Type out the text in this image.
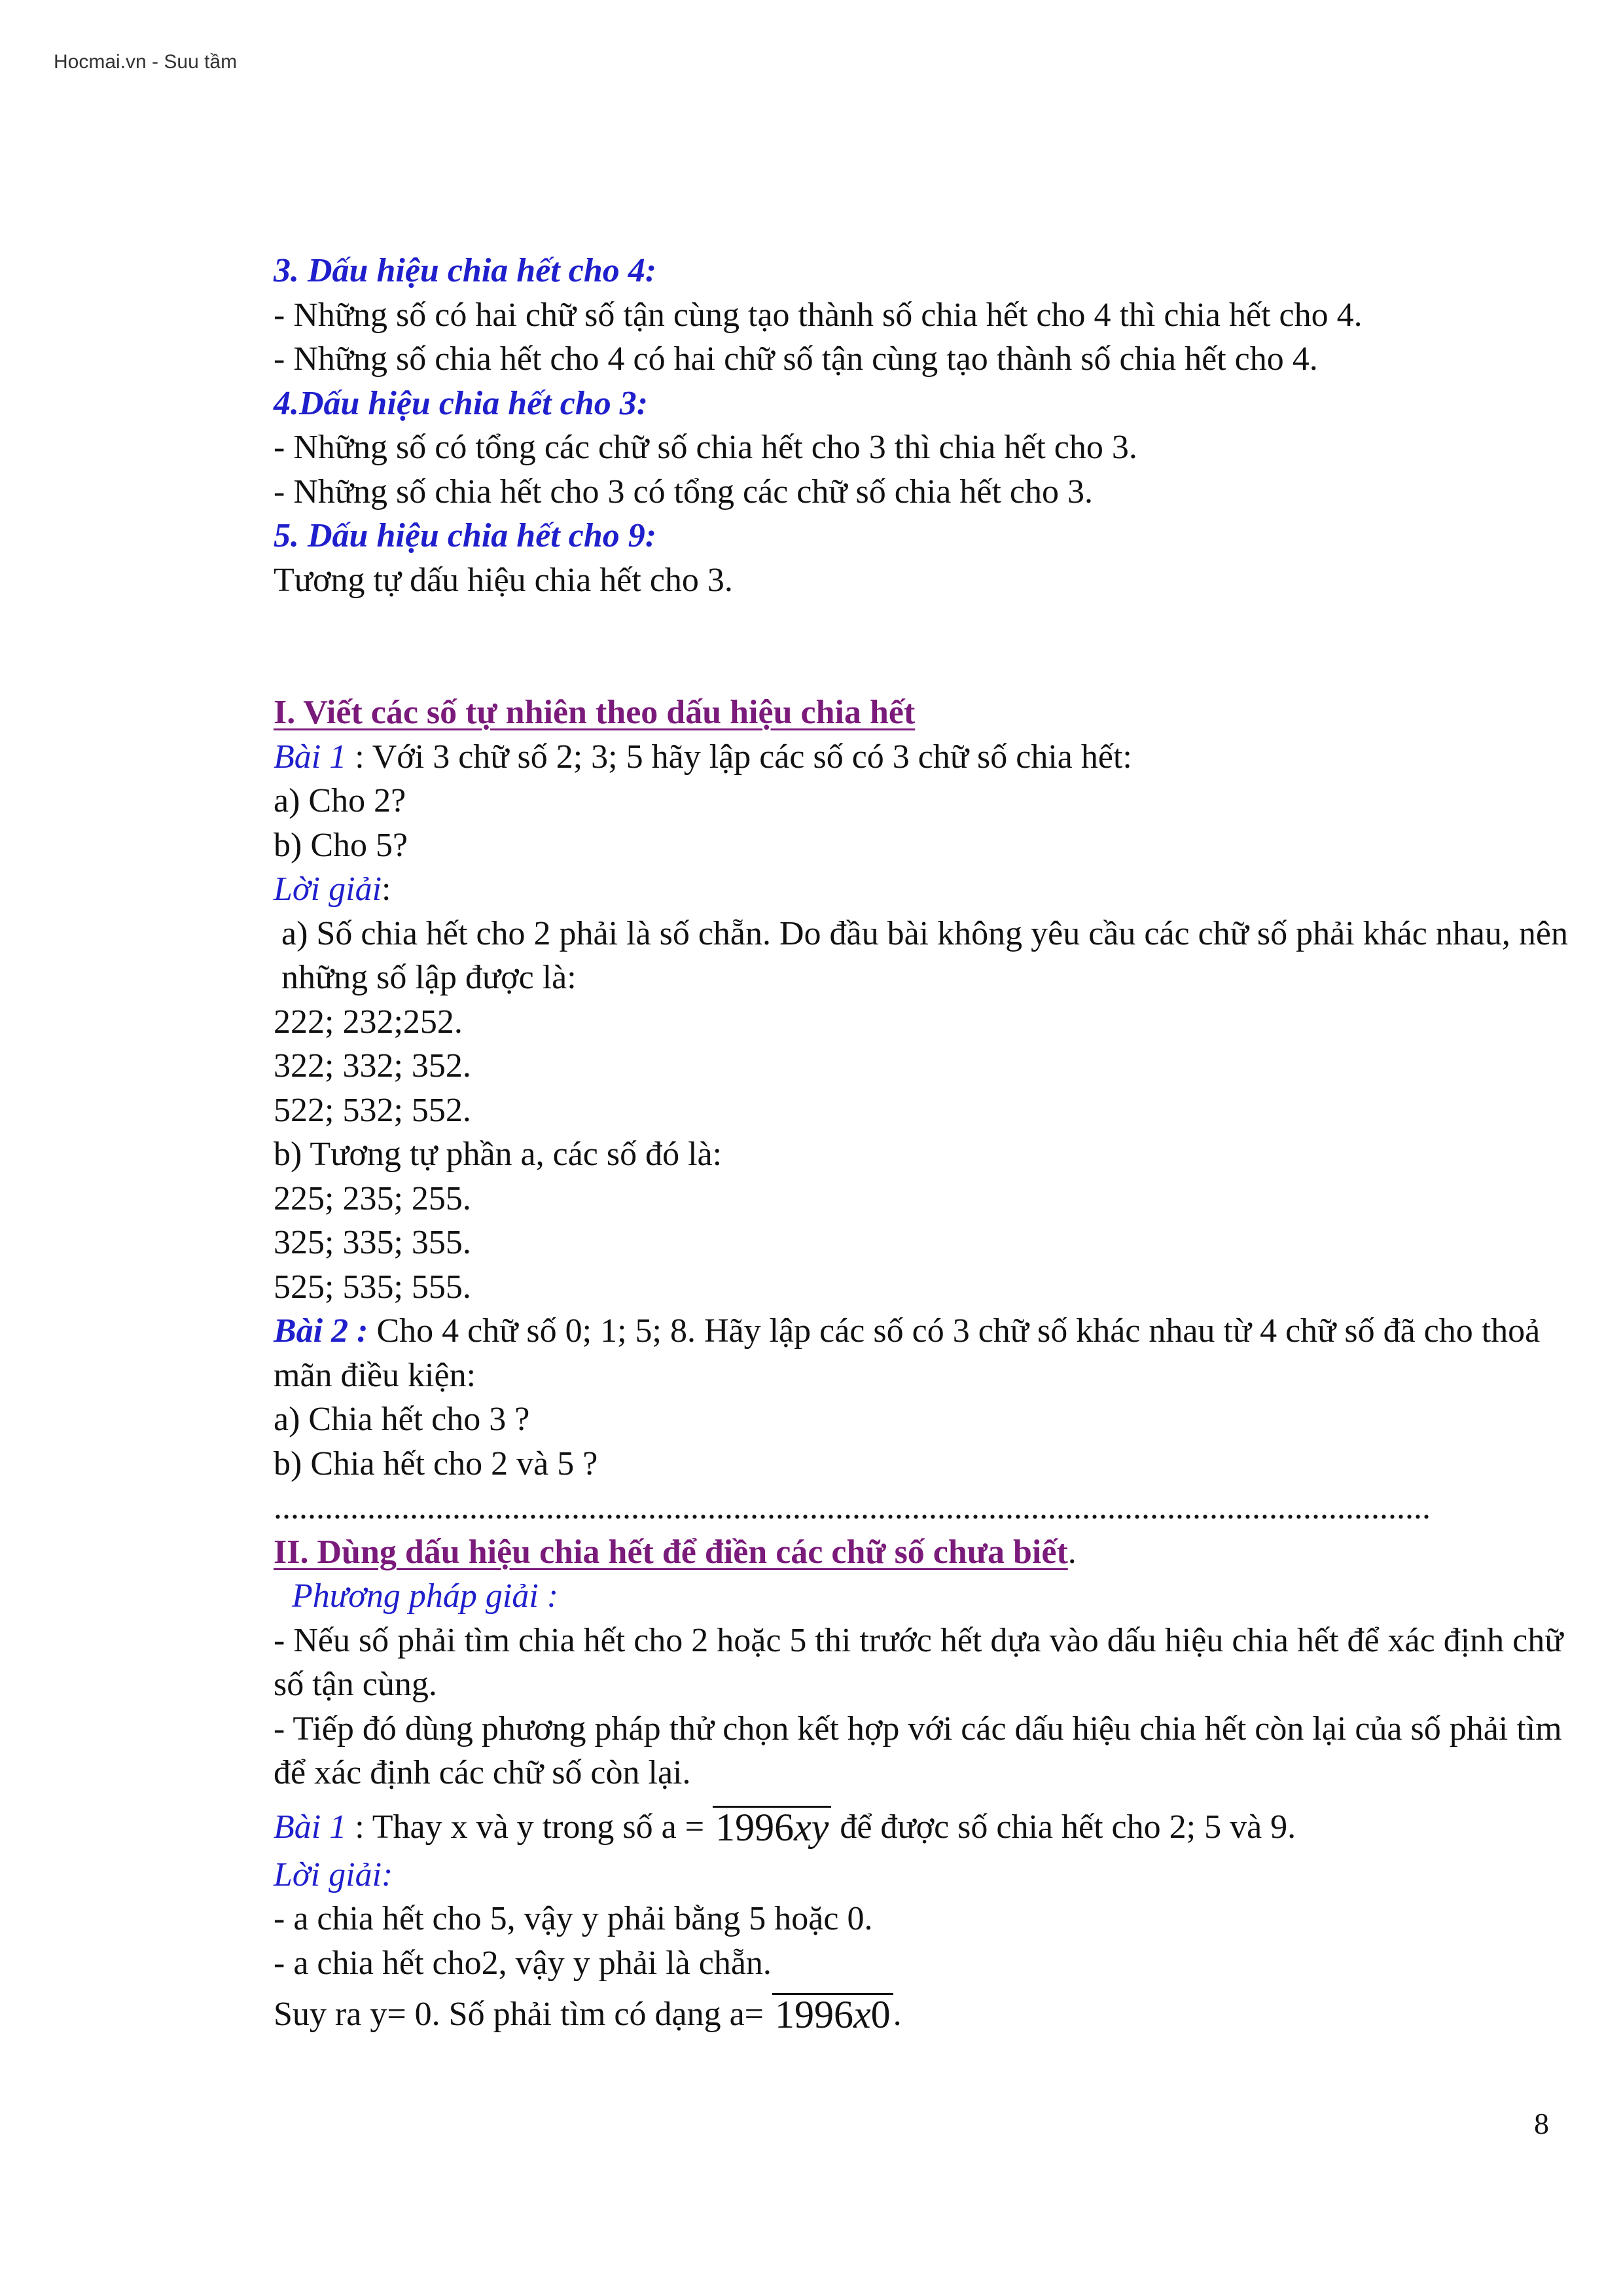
Hocmai.vn - Suu tầm
3. Dấu hiệu chia hết cho 4:
- Những số có hai chữ số tận cùng tạo thành số chia hết cho 4 thì chia hết cho 4.
- Những số chia hết cho 4 có hai chữ số tận cùng tạo thành số chia hết cho 4.
4.Dấu hiệu chia hết cho 3:
- Những số có tổng các chữ số chia hết cho 3 thì chia hết cho 3.
- Những số chia hết cho 3 có tổng các chữ số chia hết cho 3.
5. Dấu hiệu chia hết cho 9:
Tương tự dấu hiệu chia hết cho 3.
I. Viết các số tự nhiên theo dấu hiệu chia hết
Bài 1 : Với 3 chữ số 2; 3; 5 hãy lập các số có 3 chữ số chia hết:
a) Cho 2?
b) Cho 5?
Lời giải:
a) Số chia hết cho 2 phải là số chẵn. Do đầu bài không yêu cầu các chữ số phải khác nhau, nên những số lập được là:
222; 232;252.
322; 332; 352.
522; 532; 552.
b) Tương tự phần a, các số đó là:
225; 235; 255.
325; 335; 355.
525; 535; 555.
Bài 2 : Cho 4 chữ số 0; 1; 5; 8. Hãy lập các số có 3 chữ số khác nhau từ 4 chữ số đã cho thoả mãn điều kiện:
a) Chia hết cho 3 ?
b) Chia hết cho 2 và 5 ?
........................................................................................................................................
II. Dùng dấu hiệu chia hết để điền các chữ số chưa biết.
Phương pháp giải :
- Nếu số phải tìm chia hết cho 2 hoặc 5 thi trước hết dựa vào dấu hiệu chia hết để xác định chữ số tận cùng.
- Tiếp đó dùng phương pháp thử chọn kết hợp với các dấu hiệu chia hết còn lại của số phải tìm để xác định các chữ số còn lại.
Bài 1 : Thay x và y trong số a = 1996xy để được số chia hết cho 2; 5 và 9.
Lời giải:
- a chia hết cho 5, vậy y phải bằng 5 hoặc 0.
- a chia hết cho2, vậy y phải là chẵn.
Suy ra y= 0. Số phải tìm có dạng a= 1996x0.
8
